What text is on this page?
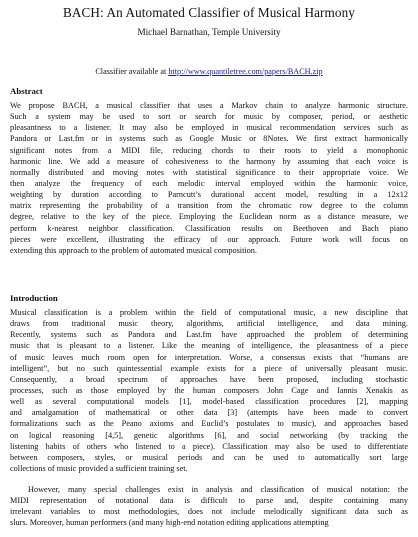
BACH: An Automated Classifier of Musical Harmony
Michael Barnathan, Temple University
Classifier available at http://www.quantiletree.com/papers/BACH.zip
Abstract
We propose BACH, a musical classifier that uses a Markov chain to analyze harmonic structure.
Such a system may be used to sort or search for music by composer, period, or aesthetic
pleasantness to a listener. It may also be employed in musical recommendation services such as
Pandora or Last.fm or in systems such as Google Music or 8Notes. We first extract harmonically
significant notes from a MIDI file, reducing chords to their roots to yield a monophonic
harmonic line. We add a measure of cohesiveness to the harmony by assuming that each voice is
normally distributed and moving notes with statistical significance to their appropriate voice. We
then analyze the frequency of each melodic interval employed within the harmonic voice,
weighting by duration according to Parncutt’s durational accent model, resulting in a 12x12
matrix representing the probability of a transition from the chromatic row degree to the column
degree, relative to the key of the piece. Employing the Euclidean norm as a distance measure, we
perform k-nearest neighbor classification. Classification results on Beethoven and Bach piano
pieces were excellent, illustrating the efficacy of our approach. Future work will focus on
extending this approach to the problem of automated musical composition.
Introduction
Musical classification is a problem within the field of computational music, a new discipline that
draws from traditional music theory, algorithms, artificial intelligence, and data mining.
Recently, systems such as Pandora and Last.fm have approached the problem of determining
music that is pleasant to a listener. Like the meaning of intelligence, the pleasantness of a piece
of music leaves much room open for interpretation. Worse, a consensus exists that “humans are
intelligent”, but no such quintessential example exists for a piece of universally pleasant music.
Consequently, a broad spectrum of approaches have been proposed, including stochastic
processes, such as those employed by the human composers John Cage and Iannis Xenakis as
well as several computational models [1], model-based classification procedures [2], mapping
and amalgamation of mathematical or other data [3] (attempts have been made to convert
formalizations such as the Peano axioms and Euclid’s postulates to music), and approaches based
on logical reasoning [4,5], genetic algorithms [6], and social networking (by tracking the
listening habits of others who listened to a piece). Classification may also be used to differentiate
between composers, styles, or musical periods and can be used to automatically sort large
collections of music provided a sufficient training set.
However, many special challenges exist in analysis and classification of musical notation: the
MIDI representation of notational data is difficult to parse and, despite containing many
irrelevant variables to most methodologies, does not include melodically significant data such as
slurs. Moreover, human performers (and many high-end notation editing applications attempting
